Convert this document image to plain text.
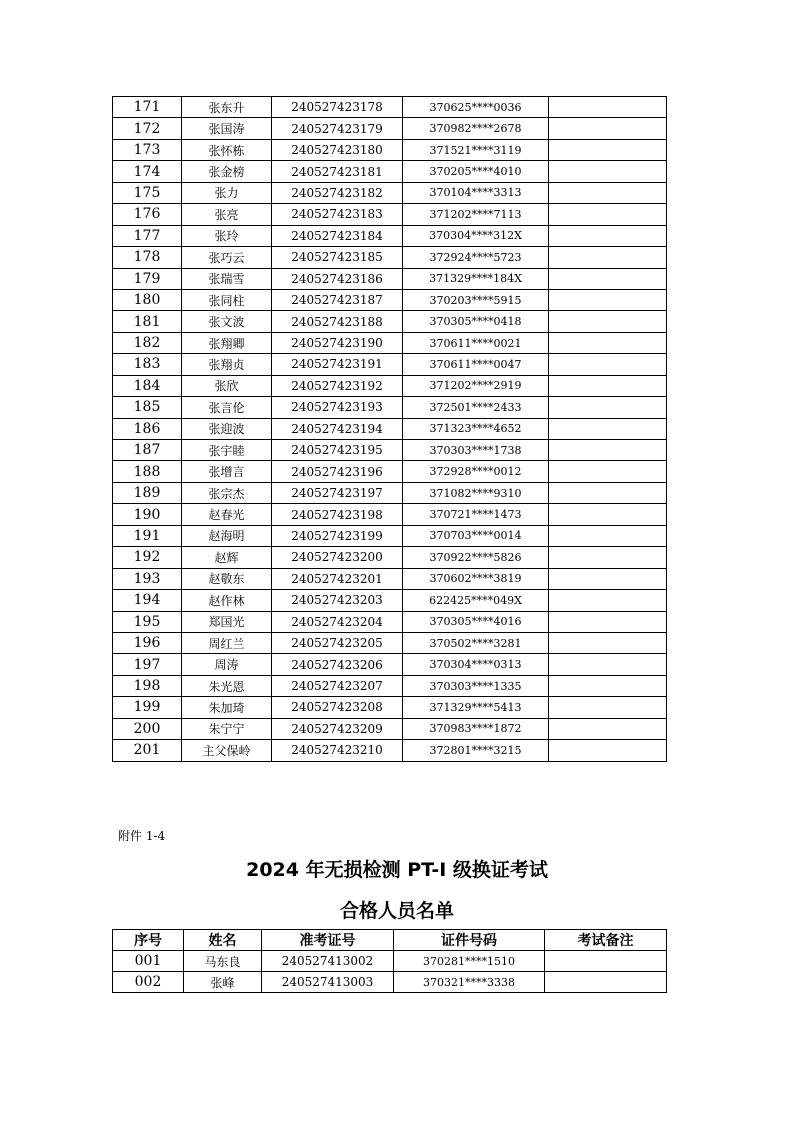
171	张东升	240527423178	370625****0036	
172	张国涛	240527423179	370982****2678	
173	张怀栋	240527423180	371521****3119	
174	张金榜	240527423181	370205****4010	
175	张力	240527423182	370104****3313	
176	张亮	240527423183	371202****7113	
177	张玲	240527423184	370304****312X	
178	张巧云	240527423185	372924****5723	
179	张瑞雪	240527423186	371329****184X	
180	张同柱	240527423187	370203****5915	
181	张文波	240527423188	370305****0418	
182	张翔卿	240527423190	370611****0021	
183	张翔贞	240527423191	370611****0047	
184	张欣	240527423192	371202****2919	
185	张言伦	240527423193	372501****2433	
186	张迎波	240527423194	371323****4652	
187	张宇睦	240527423195	370303****1738	
188	张增言	240527423196	372928****0012	
189	张宗杰	240527423197	371082****9310	
190	赵春光	240527423198	370721****1473	
191	赵海明	240527423199	370703****0014	
192	赵辉	240527423200	370922****5826	
193	赵敬东	240527423201	370602****3819	
194	赵作林	240527423203	622425****049X	
195	郑国光	240527423204	370305****4016	
196	周红兰	240527423205	370502****3281	
197	周涛	240527423206	370304****0313	
198	朱光恩	240527423207	370303****1335	
199	朱加琦	240527423208	371329****5413	
200	朱宁宁	240527423209	370983****1872	
201	主父保岭	240527423210	372801****3215	
附件 1-4
2024 年无损检测 PT-I 级换证考试
合格人员名单
序号	姓名	准考证号	证件号码	考试备注
001	马东良	240527413002	370281****1510	
002	张峰	240527413003	370321****3338	
